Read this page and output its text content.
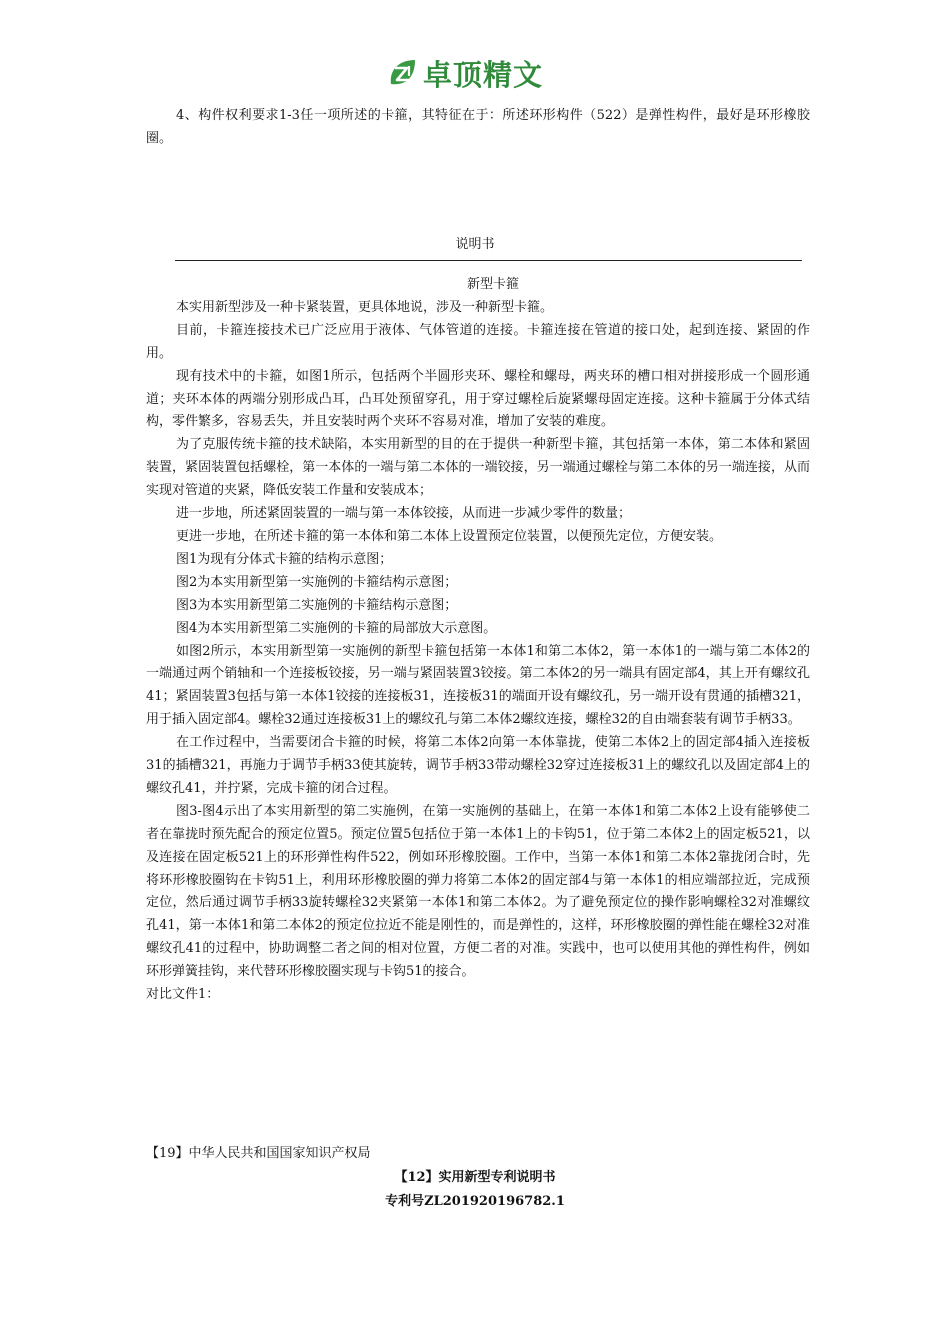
卓顶精文

4、构件权利要求1-3任一项所述的卡箍，其特征在于：所述环形构件（522）是弹性构件，最好是环形橡胶圈。

说明书

新型卡箍

本实用新型涉及一种卡紧装置，更具体地说，涉及一种新型卡箍。

目前，卡箍连接技术已广泛应用于液体、气体管道的连接。卡箍连接在管道的接口处，起到连接、紧固的作用。

现有技术中的卡箍，如图1所示，包括两个半圆形夹环、螺栓和螺母，两夹环的槽口相对拼接形成一个圆形通道；夹环本体的两端分别形成凸耳，凸耳处预留穿孔，用于穿过螺栓后旋紧螺母固定连接。这种卡箍属于分体式结构，零件繁多，容易丢失，并且安装时两个夹环不容易对准，增加了安装的难度。

为了克服传统卡箍的技术缺陷，本实用新型的目的在于提供一种新型卡箍，其包括第一本体，第二本体和紧固装置，紧固装置包括螺栓，第一本体的一端与第二本体的一端铰接，另一端通过螺栓与第二本体的另一端连接，从而实现对管道的夹紧，降低安装工作量和安装成本；

进一步地，所述紧固装置的一端与第一本体铰接，从而进一步减少零件的数量；

更进一步地，在所述卡箍的第一本体和第二本体上设置预定位装置，以便预先定位，方便安装。

图1为现有分体式卡箍的结构示意图；

图2为本实用新型第一实施例的卡箍结构示意图；

图3为本实用新型第二实施例的卡箍结构示意图；

图4为本实用新型第二实施例的卡箍的局部放大示意图。

如图2所示，本实用新型第一实施例的新型卡箍包括第一本体1和第二本体2，第一本体1的一端与第二本体2的一端通过两个销轴和一个连接板铰接，另一端与紧固装置3铰接。第二本体2的另一端具有固定部4，其上开有螺纹孔41；紧固装置3包括与第一本体1铰接的连接板31，连接板31的端面开设有螺纹孔，另一端开设有贯通的插槽321，用于插入固定部4。螺栓32通过连接板31上的螺纹孔与第二本体2螺纹连接，螺栓32的自由端套装有调节手柄33。

在工作过程中，当需要闭合卡箍的时候，将第二本体2向第一本体靠拢，使第二本体2上的固定部4插入连接板31的插槽321，再施力于调节手柄33使其旋转，调节手柄33带动螺栓32穿过连接板31上的螺纹孔以及固定部4上的螺纹孔41，并拧紧，完成卡箍的闭合过程。

图3-图4示出了本实用新型的第二实施例，在第一实施例的基础上，在第一本体1和第二本体2上设有能够使二者在靠拢时预先配合的预定位置5。预定位置5包括位于第一本体1上的卡钩51，位于第二本体2上的固定板521，以及连接在固定板521上的环形弹性构件522，例如环形橡胶圈。工作中，当第一本体1和第二本体2靠拢闭合时，先将环形橡胶圈钩在卡钩51上，利用环形橡胶圈的弹力将第二本体2的固定部4与第一本体1的相应端部拉近，完成预定位，然后通过调节手柄33旋转螺栓32夹紧第一本体1和第二本体2。为了避免预定位的操作影响螺栓32对准螺纹孔41，第一本体1和第二本体2的预定位拉近不能是刚性的，而是弹性的，这样，环形橡胶圈的弹性能在螺栓32对准螺纹孔41的过程中，协助调整二者之间的相对位置，方便二者的对准。实践中，也可以使用其他的弹性构件，例如环形弹簧挂钩，来代替环形橡胶圈实现与卡钩51的接合。

对比文件1：

【19】中华人民共和国国家知识产权局
【12】实用新型专利说明书
专利号ZL201920196782.1
